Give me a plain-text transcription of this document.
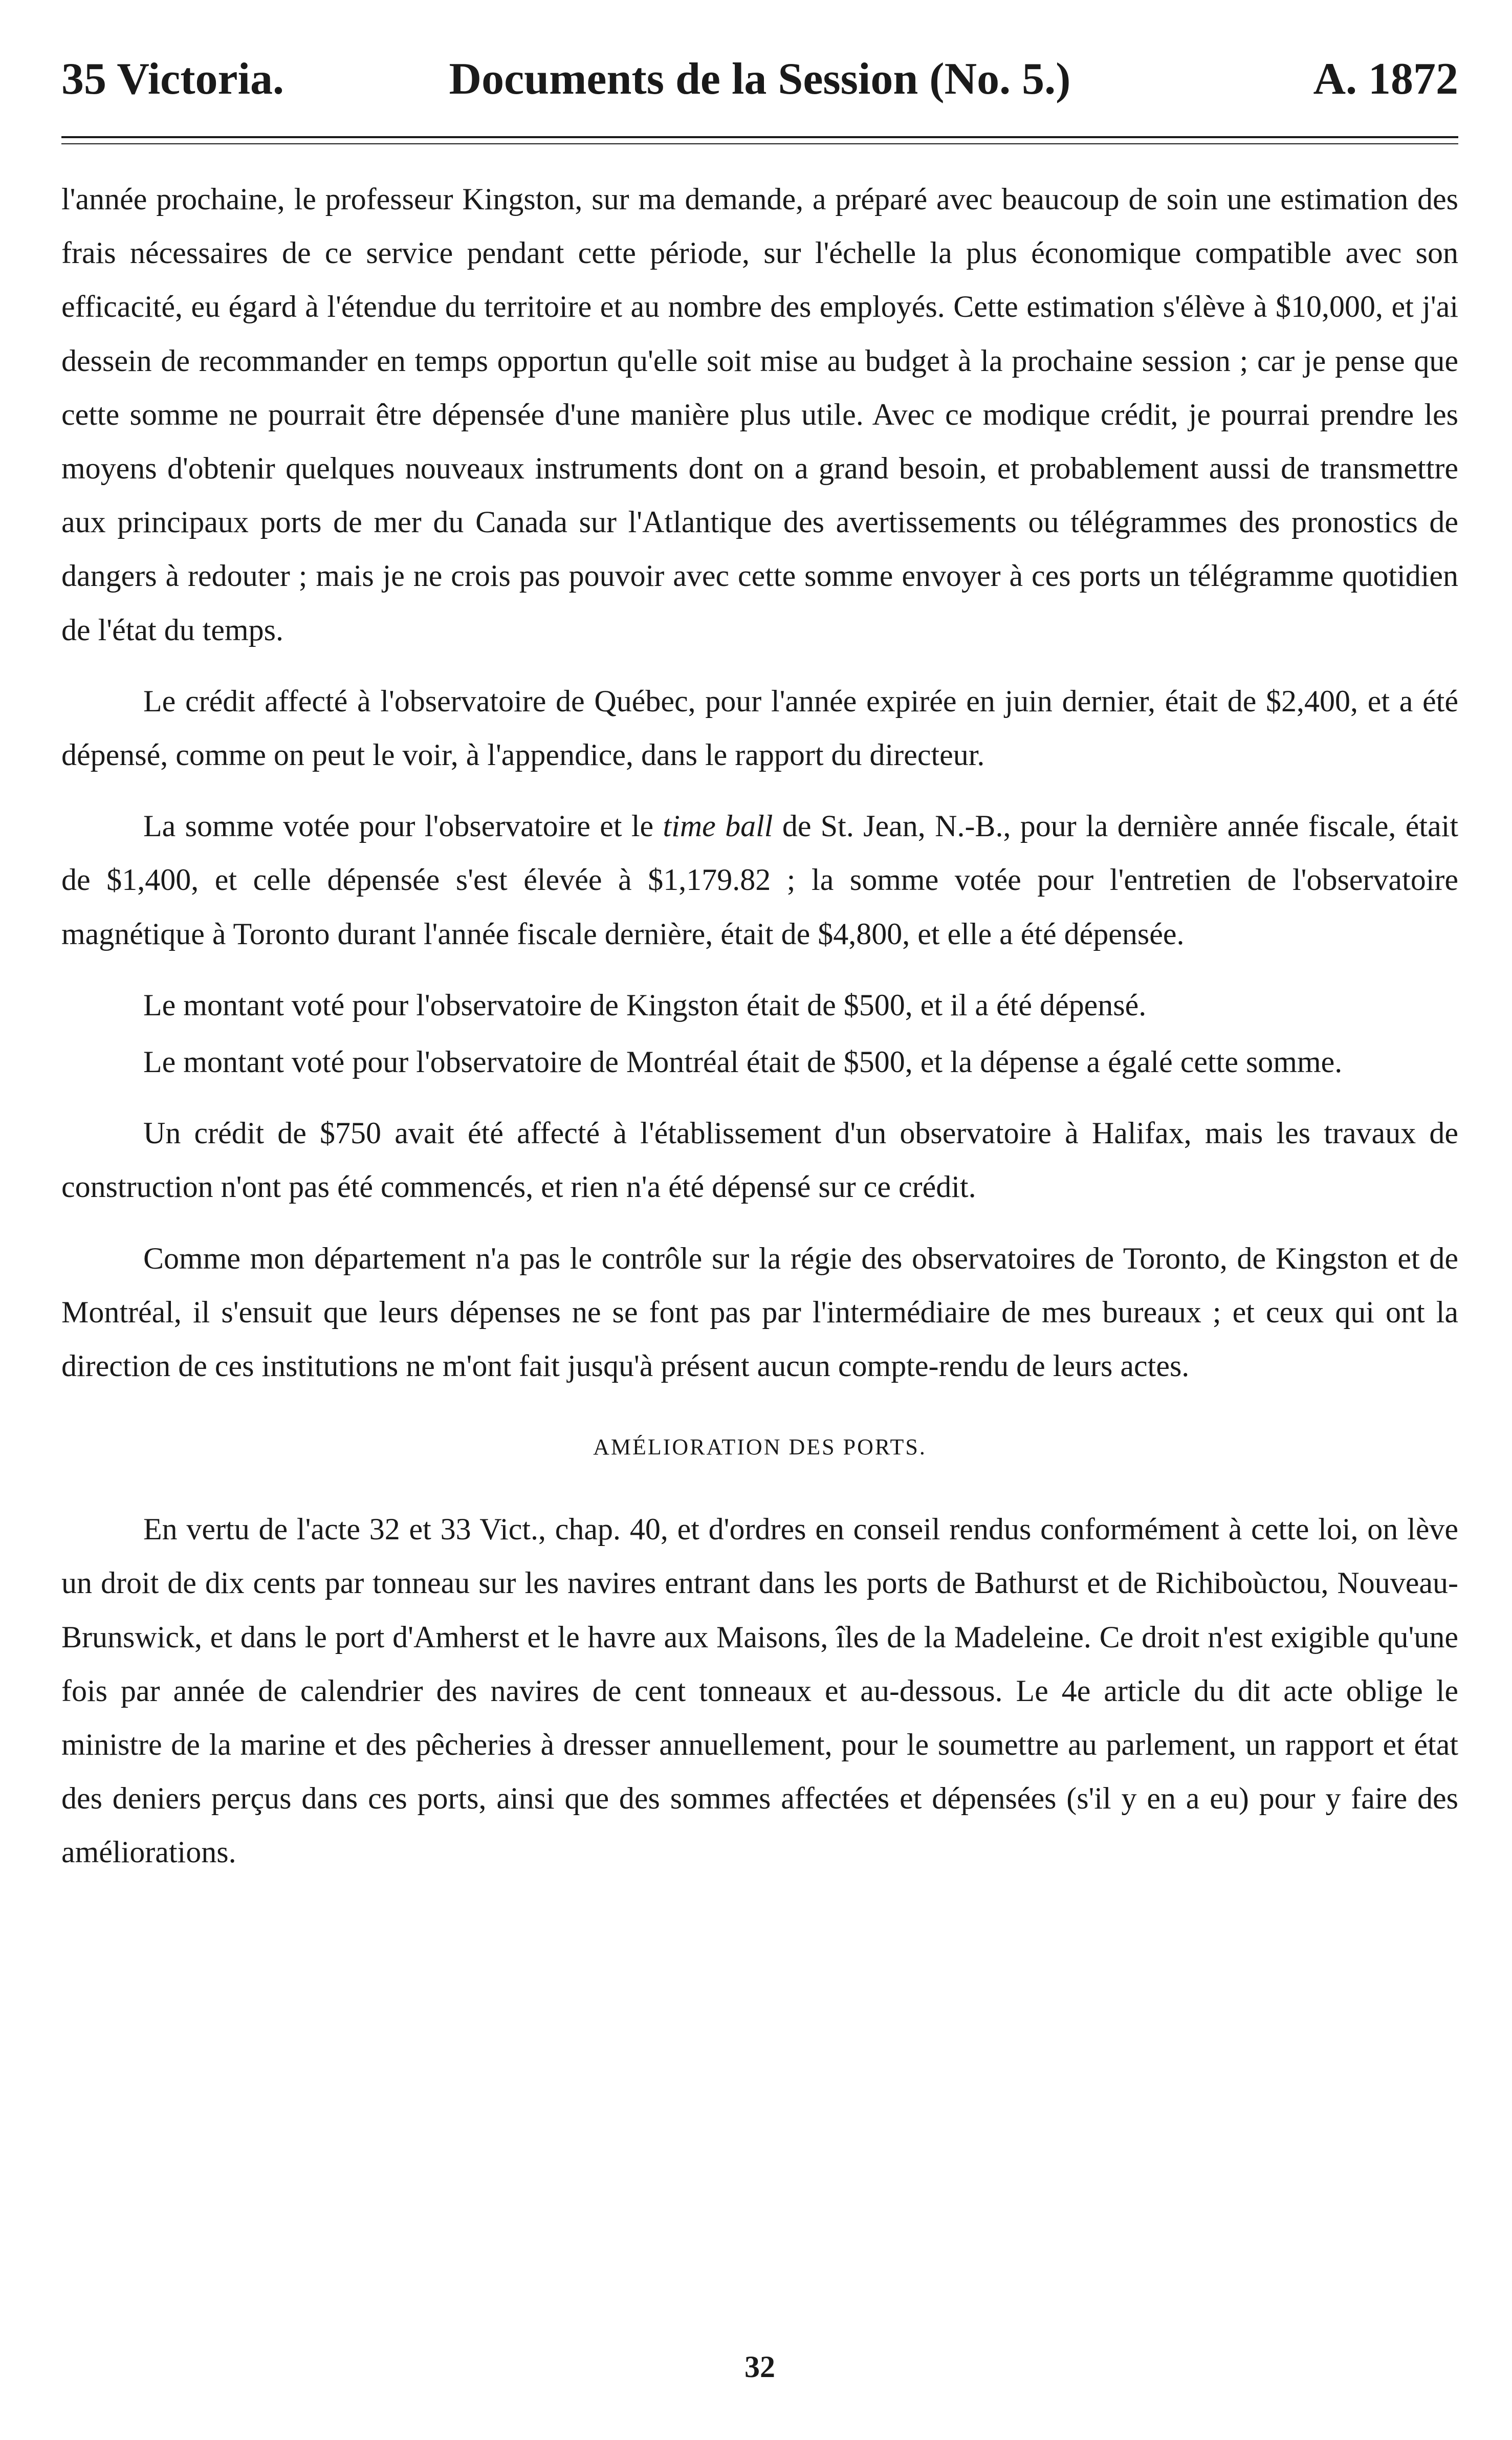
35 Victoria.	Documents de la Session (No. 5.)	A. 1872

l'année prochaine, le professeur Kingston, sur ma demande, a préparé avec beaucoup de soin une estimation des frais nécessaires de ce service pendant cette période, sur l'échelle la plus économique compatible avec son efficacité, eu égard à l'étendue du territoire et au nombre des employés. Cette estimation s'élève à $10,000, et j'ai dessein de recommander en temps opportun qu'elle soit mise au budget à la prochaine session ; car je pense que cette somme ne pourrait être dépensée d'une manière plus utile. Avec ce modique crédit, je pourrai prendre les moyens d'obtenir quelques nouveaux instruments dont on a grand besoin, et probablement aussi de transmettre aux principaux ports de mer du Canada sur l'Atlantique des avertissements ou télégrammes des pronostics de dangers à redouter ; mais je ne crois pas pouvoir avec cette somme envoyer à ces ports un télégramme quotidien de l'état du temps.

Le crédit affecté à l'observatoire de Québec, pour l'année expirée en juin dernier, était de $2,400, et a été dépensé, comme on peut le voir, à l'appendice, dans le rapport du directeur.

La somme votée pour l'observatoire et le time ball de St. Jean, N.-B., pour la dernière année fiscale, était de $1,400, et celle dépensée s'est élevée à $1,179.82 ; la somme votée pour l'entretien de l'observatoire magnétique à Toronto durant l'année fiscale dernière, était de $4,800, et elle a été dépensée.

Le montant voté pour l'observatoire de Kingston était de $500, et il a été dépensé.

Le montant voté pour l'observatoire de Montréal était de $500, et la dépense a égalé cette somme.

Un crédit de $750 avait été affecté à l'établissement d'un observatoire à Halifax, mais les travaux de construction n'ont pas été commencés, et rien n'a été dépensé sur ce crédit.

Comme mon département n'a pas le contrôle sur la régie des observatoires de Toronto, de Kingston et de Montréal, il s'ensuit que leurs dépenses ne se font pas par l'intermédiaire de mes bureaux ; et ceux qui ont la direction de ces institutions ne m'ont fait jusqu'à présent aucun compte-rendu de leurs actes.

AMÉLIORATION DES PORTS.

En vertu de l'acte 32 et 33 Vict., chap. 40, et d'ordres en conseil rendus conformément à cette loi, on lève un droit de dix cents par tonneau sur les navires entrant dans les ports de Bathurst et de Richiboùctou, Nouveau-Brunswick, et dans le port d'Amherst et le havre aux Maisons, îles de la Madeleine. Ce droit n'est exigible qu'une fois par année de calendrier des navires de cent tonneaux et au-dessous. Le 4e article du dit acte oblige le ministre de la marine et des pêcheries à dresser annuellement, pour le soumettre au parlement, un rapport et état des deniers perçus dans ces ports, ainsi que des sommes affectées et dépensées (s'il y en a eu) pour y faire des améliorations.

32
